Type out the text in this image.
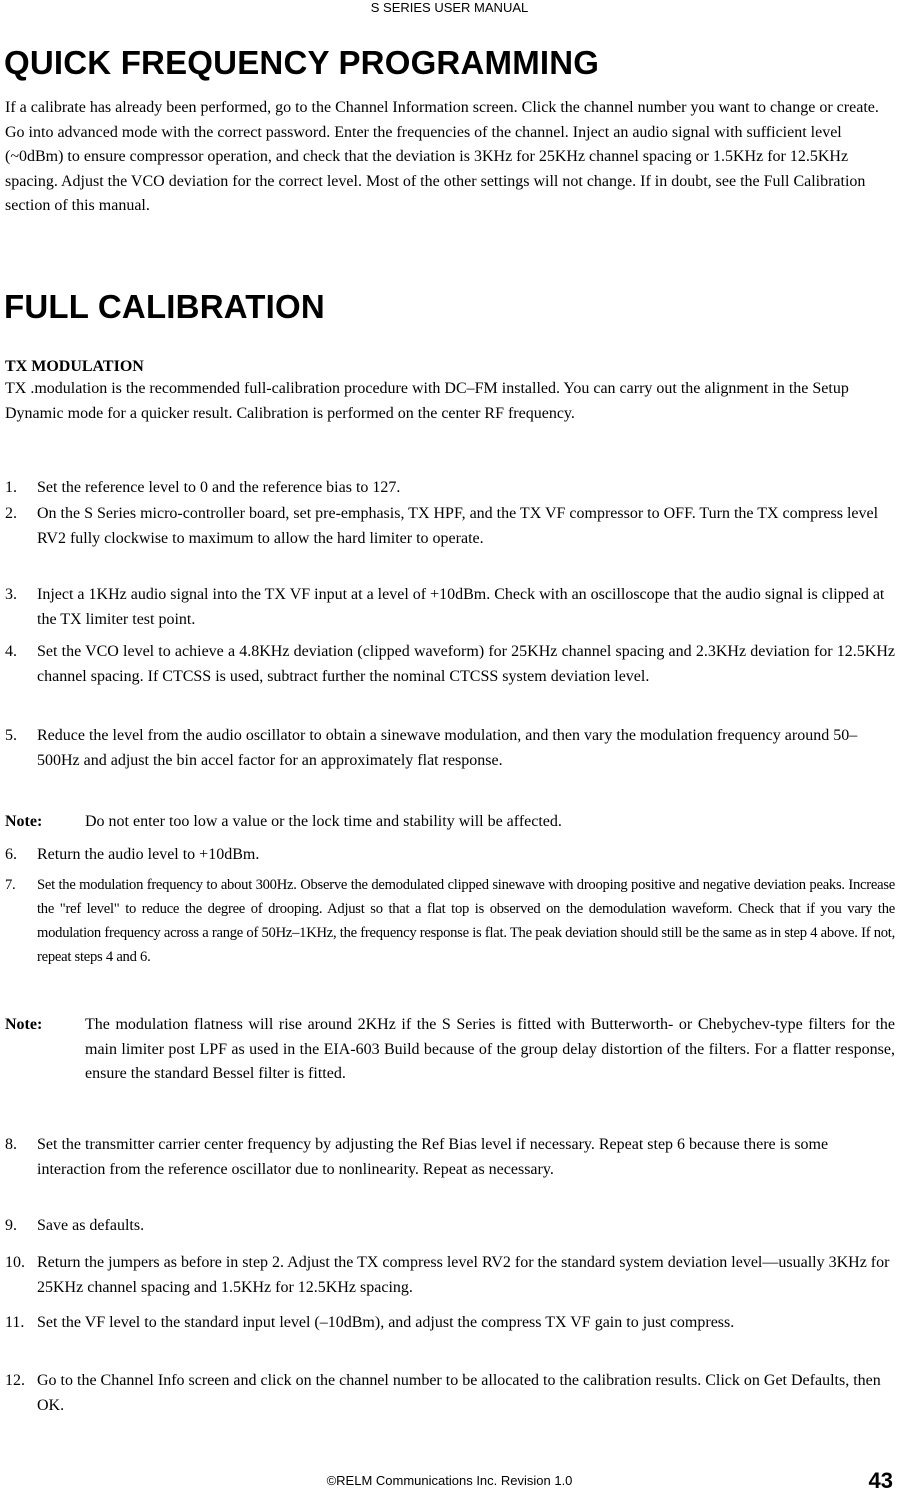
S SERIES USER MANUAL
QUICK FREQUENCY PROGRAMMING

If a calibrate has already been performed, go to the Channel Information screen. Click the channel number you want to change or create. Go into advanced mode with the correct password. Enter the frequencies of the channel. Inject an audio signal with sufficient level (~0dBm) to ensure compressor operation, and check that the deviation is 3KHz for 25KHz channel spacing or 1.5KHz for 12.5KHz spacing. Adjust the VCO deviation for the correct level. Most of the other settings will not change. If in doubt, see the Full Calibration section of this manual.

FULL CALIBRATION

TX MODULATION

TX .modulation is the recommended full-calibration procedure with DC–FM installed. You can carry out the alignment in the Setup Dynamic mode for a quicker result. Calibration is performed on the center RF frequency.

1. Set the reference level to 0 and the reference bias to 127.
2. On the S Series micro-controller board, set pre-emphasis, TX HPF, and the TX VF compressor to OFF. Turn the TX compress level RV2 fully clockwise to maximum to allow the hard limiter to operate.
3. Inject a 1KHz audio signal into the TX VF input at a level of +10dBm. Check with an oscilloscope that the audio signal is clipped at the TX limiter test point.
4. Set the VCO level to achieve a 4.8KHz deviation (clipped waveform) for 25KHz channel spacing and 2.3KHz deviation for 12.5KHz channel spacing. If CTCSS is used, subtract further the nominal CTCSS system deviation level.
5. Reduce the level from the audio oscillator to obtain a sinewave modulation, and then vary the modulation frequency around 50–500Hz and adjust the bin accel factor for an approximately flat response.
Note:	Do not enter too low a value or the lock time and stability will be affected.
6. Return the audio level to +10dBm.
7. Set the modulation frequency to about 300Hz. Observe the demodulated clipped sinewave with drooping positive and negative deviation peaks. Increase the "ref level" to reduce the degree of drooping. Adjust so that a flat top is observed on the demodulation waveform. Check that if you vary the modulation frequency across a range of 50Hz–1KHz, the frequency response is flat. The peak deviation should still be the same as in step 4 above. If not, repeat steps 4 and 6.
Note:	The modulation flatness will rise around 2KHz if the S Series is fitted with Butterworth- or Chebychev-type filters for the main limiter post LPF as used in the EIA-603 Build because of the group delay distortion of the filters. For a flatter response, ensure the standard Bessel filter is fitted.
8. Set the transmitter carrier center frequency by adjusting the Ref Bias level if necessary. Repeat step 6 because there is some interaction from the reference oscillator due to nonlinearity. Repeat as necessary.
9. Save as defaults.
10. Return the jumpers as before in step 2. Adjust the TX compress level RV2 for the standard system deviation level—usually 3KHz for 25KHz channel spacing and 1.5KHz for 12.5KHz spacing.
11. Set the VF level to the standard input level (–10dBm), and adjust the compress TX VF gain to just compress.
12. Go to the Channel Info screen and click on the channel number to be allocated to the calibration results. Click on Get Defaults, then OK.
©RELM Communications Inc. Revision 1.0	43
